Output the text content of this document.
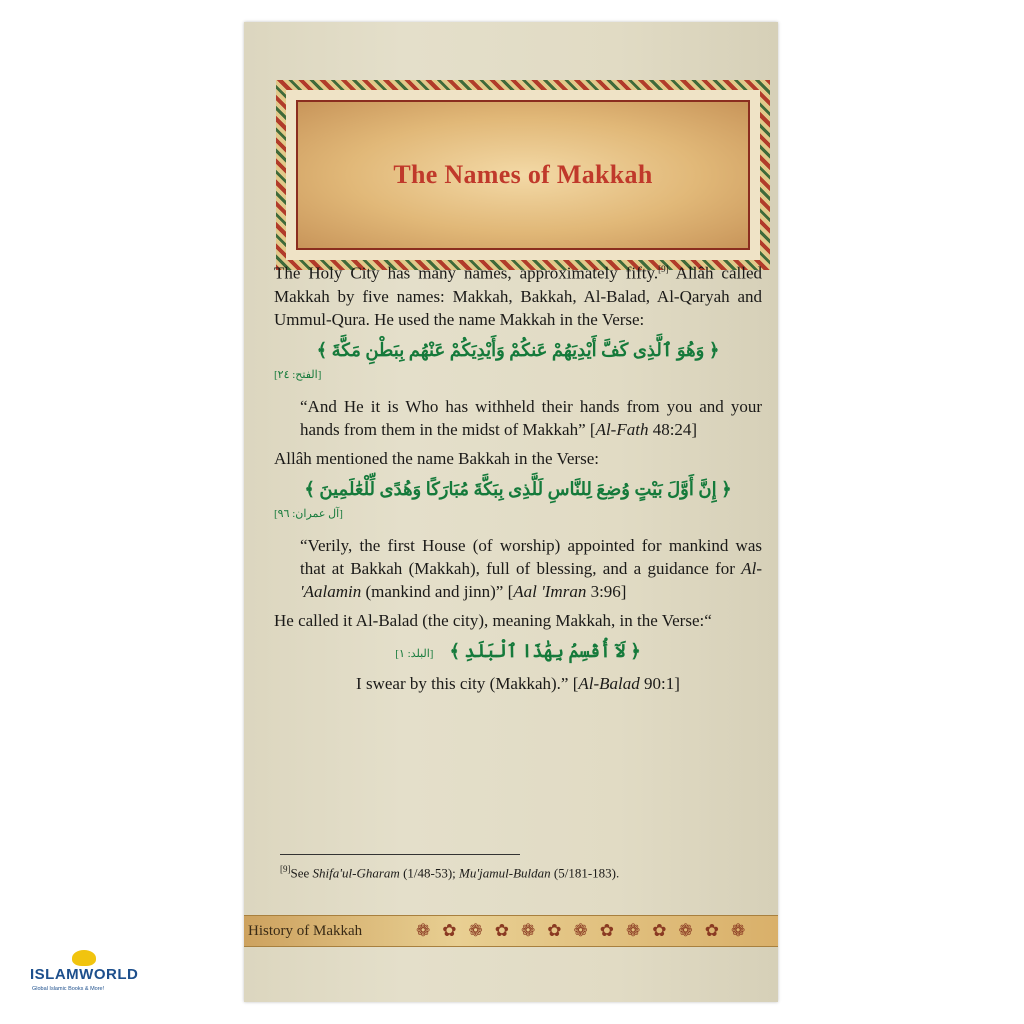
The Names of Makkah

The Holy City has many names, approximately fifty.[9] Allâh called Makkah by five names: Makkah, Bakkah, Al-Balad, Al-Qaryah and Ummul-Qura. He used the name Makkah in the Verse:

﴿ وَهُوَ ٱلَّذِى كَفَّ أَيْدِيَهُمْ عَنكُمْ وَأَيْدِيَكُمْ عَنْهُم بِبَطْنِ مَكَّةَ ﴾
[الفتح: ٢٤]

“And He it is Who has withheld their hands from you and your hands from them in the midst of Makkah” [Al-Fath 48:24]

Allâh mentioned the name Bakkah in the Verse:

﴿ إِنَّ أَوَّلَ بَيْتٍ وُضِعَ لِلنَّاسِ لَلَّذِى بِبَكَّةَ مُبَارَكًا وَهُدًى لِّلْعَٰلَمِينَ ﴾
[آل عمران: ٩٦]

“Verily, the first House (of worship) appointed for mankind was that at Bakkah (Makkah), full of blessing, and a guidance for Al-'Aalamin (mankind and jinn)” [Aal 'Imran 3:96]

He called it Al-Balad (the city), meaning Makkah, in the Verse:“

[البلد: ١] ﴿ لَآ أُقْسِمُ بِهَٰذَا ٱلْبَلَدِ ﴾

I swear by this city (Makkah).” [Al-Balad 90:1]

[9]See Shifa'ul-Gharam (1/48-53); Mu'jamul-Buldan (5/181-183).
History of Makkah	❁ ✿ ❁ ✿ ❁ ✿ ❁ ✿ ❁ ✿ ❁ ✿ ❁
ISLAMWORLD
Global Islamic Books & More!
